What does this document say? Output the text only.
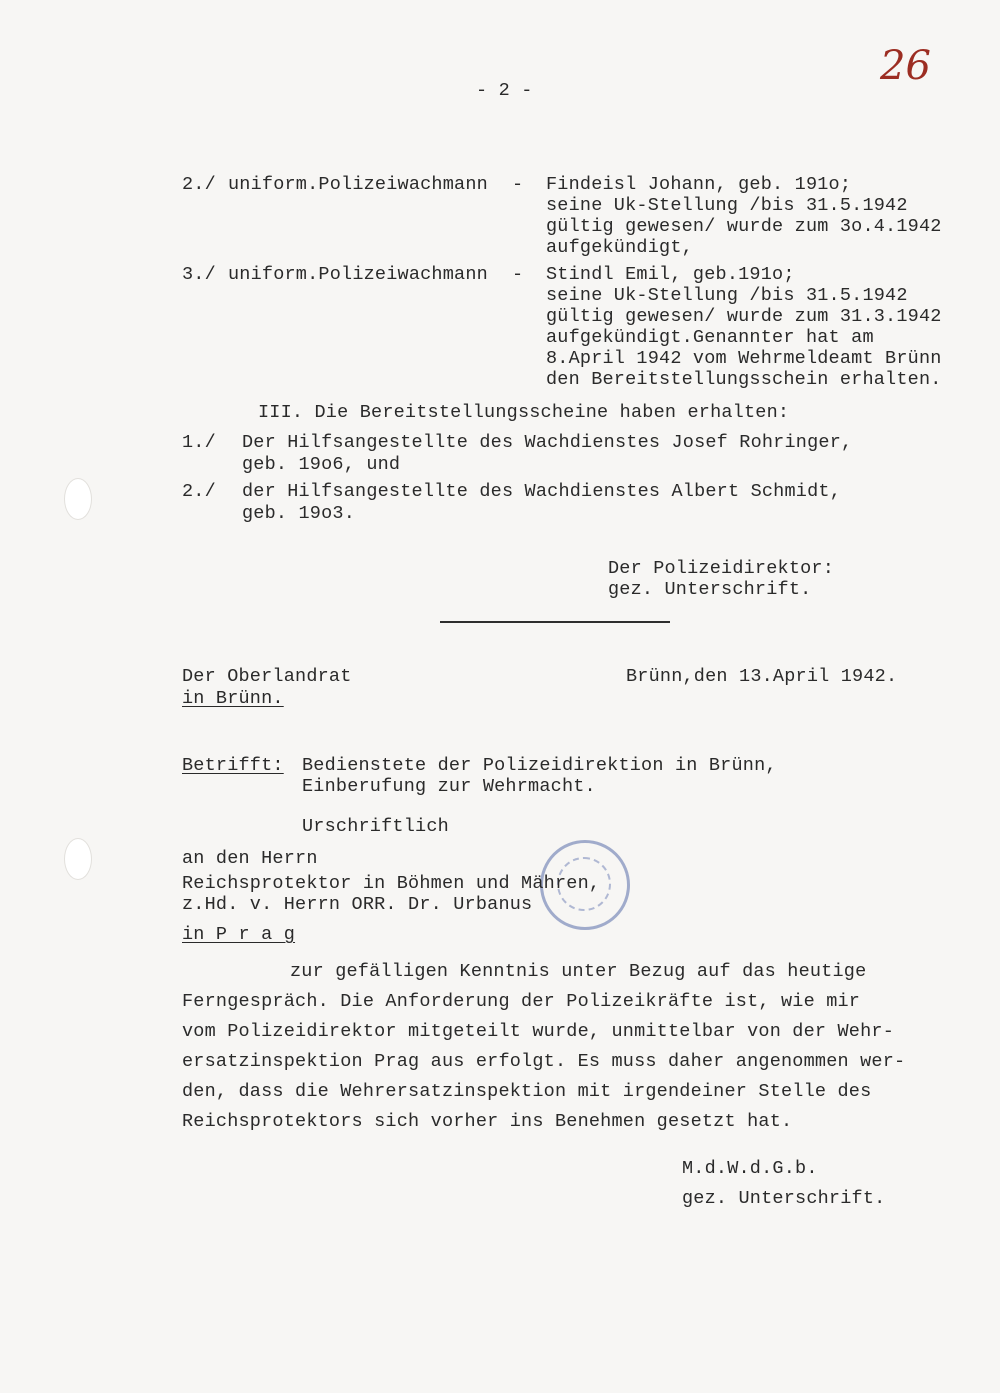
- 2 -
26
2./ uniform.Polizeiwachmann - Findeisl Johann, geb. 191o;
seine Uk-Stellung /bis 31.5.1942
gültig gewesen/ wurde zum 3o.4.1942
aufgekündigt,
3./ uniform.Polizeiwachmann - Stindl Emil, geb.191o;
seine Uk-Stellung /bis 31.5.1942
gültig gewesen/ wurde zum 31.3.1942
aufgekündigt.Genannter hat am
8.April 1942 vom Wehrmeldeamt Brünn
den Bereitstellungsschein erhalten.
III. Die Bereitstellungsscheine haben erhalten:
1./ Der Hilfsangestellte des Wachdienstes Josef Rohringer,
geb. 19o6, und
2./ der Hilfsangestellte des Wachdienstes Albert Schmidt,
geb. 19o3.
Der Polizeidirektor:
gez. Unterschrift.
Der Oberlandrat
in Brünn.
Brünn,den 13.April 1942.
Betrifft: Bedienstete der Polizeidirektion in Brünn,
Einberufung zur Wehrmacht.
Urschriftlich
an den Herrn
Reichsprotektor in Böhmen und Mähren,
z.Hd. v. Herrn ORR. Dr. Urbanus
in P r a g
zur gefälligen Kenntnis unter Bezug auf das heutige
Ferngespräch. Die Anforderung der Polizeikräfte ist, wie mir
vom Polizeidirektor mitgeteilt wurde, unmittelbar von der Wehr-
ersatzinspektion Prag aus erfolgt. Es muss daher angenommen wer-
den, dass die Wehrersatzinspektion mit irgendeiner Stelle des
Reichsprotektors sich vorher ins Benehmen gesetzt hat.
M.d.W.d.G.b.
gez. Unterschrift.
